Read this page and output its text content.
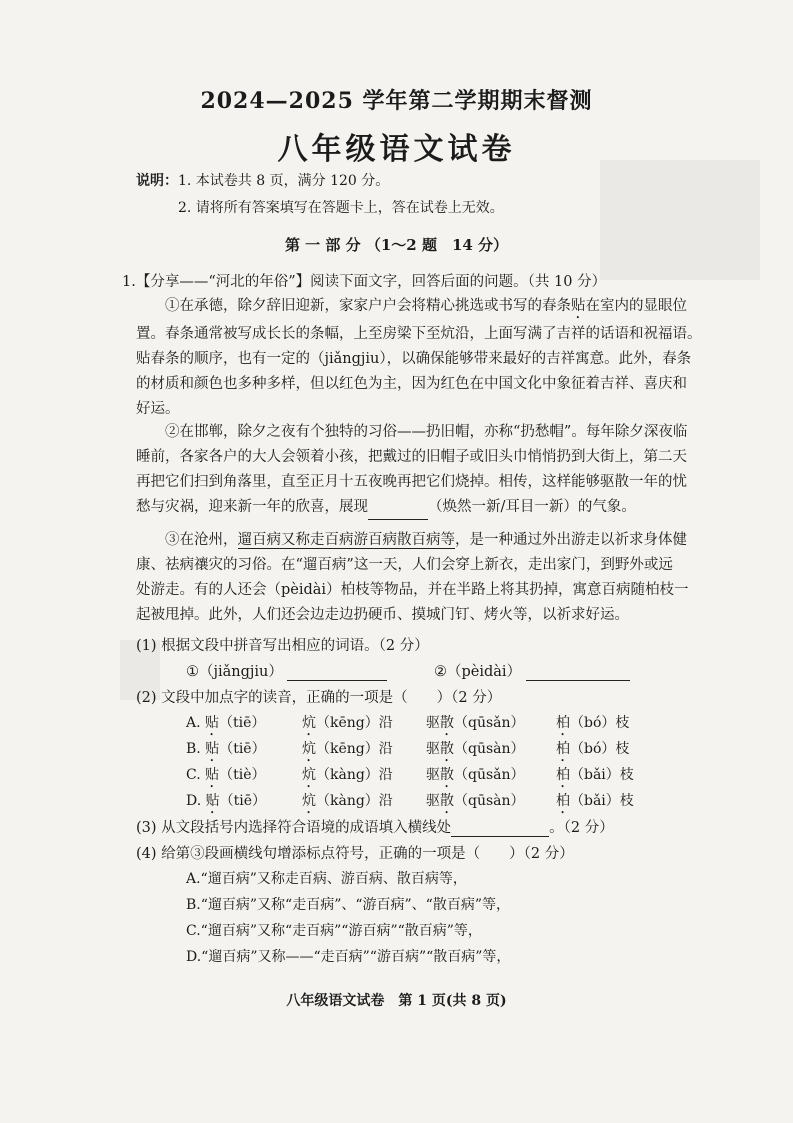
2024—2025 学年第二学期期末督测
八年级语文试卷
说明：1. 本试卷共 8 页，满分 120 分。
2. 请将所有答案填写在答题卡上，答在试卷上无效。
第 一 部 分 （1～2 题　14 分）
1.【分享——“河北的年俗”】阅读下面文字，回答后面的问题。（共 10 分）
①在承德，除夕辞旧迎新，家家户户会将精心挑选或书写的春条贴在室内的显眼位
置。春条通常被写成长长的条幅，上至房梁下至炕沿，上面写满了吉祥的话语和祝福语。
贴春条的顺序，也有一定的（jiǎngjiu），以确保能够带来最好的吉祥寓意。此外，春条
的材质和颜色也多种多样，但以红色为主，因为红色在中国文化中象征着吉祥、喜庆和
好运。
②在邯郸，除夕之夜有个独特的习俗——扔旧帽，亦称“扔愁帽”。每年除夕深夜临
睡前，各家各户的大人会领着小孩，把戴过的旧帽子或旧头巾悄悄扔到大街上，第二天
再把它们扫到角落里，直至正月十五夜晚再把它们烧掉。相传，这样能够驱散一年的忧
愁与灾祸，迎来新一年的欣喜，展现	（焕然一新/耳目一新）的气象。
③在沧州，遛百病又称走百病游百病散百病等，是一种通过外出游走以祈求身体健
康、祛病禳灾的习俗。在“遛百病”这一天，人们会穿上新衣，走出家门，到野外或远
处游走。有的人还会（pèidài）柏枝等物品，并在半路上将其扔掉，寓意百病随柏枝一
起被甩掉。此外，人们还会边走边扔硬币、摸城门钉、烤火等，以祈求好运。
(1) 根据文段中拼音写出相应的词语。（2 分）
①（jiǎngjiu）	②（pèidài）
(2) 文段中加点字的读音，正确的一项是（　　）（2 分）
A. 贴（tiē）	炕（kēng）沿 驱散（qūsǎn） 柏（bó）枝
B. 贴（tiē）	炕（kēng）沿 驱散（qūsàn） 柏（bó）枝
C. 贴（tiè）	炕（kàng）沿 驱散（qūsǎn） 柏（bǎi）枝
D. 贴（tiē）	炕（kàng）沿 驱散（qūsàn） 柏（bǎi）枝
(3) 从文段括号内选择符合语境的成语填入横线处	。（2 分）
(4) 给第③段画横线句增添标点符号，正确的一项是（　　）（2 分）
A.“遛百病”又称走百病、游百病、散百病等，
B.“遛百病”又称“走百病”、“游百病”、“散百病”等，
C.“遛百病”又称“走百病”“游百病”“散百病”等，
D.“遛百病”又称——“走百病”“游百病”“散百病”等，
八年级语文试卷　第 1 页(共 8 页)
